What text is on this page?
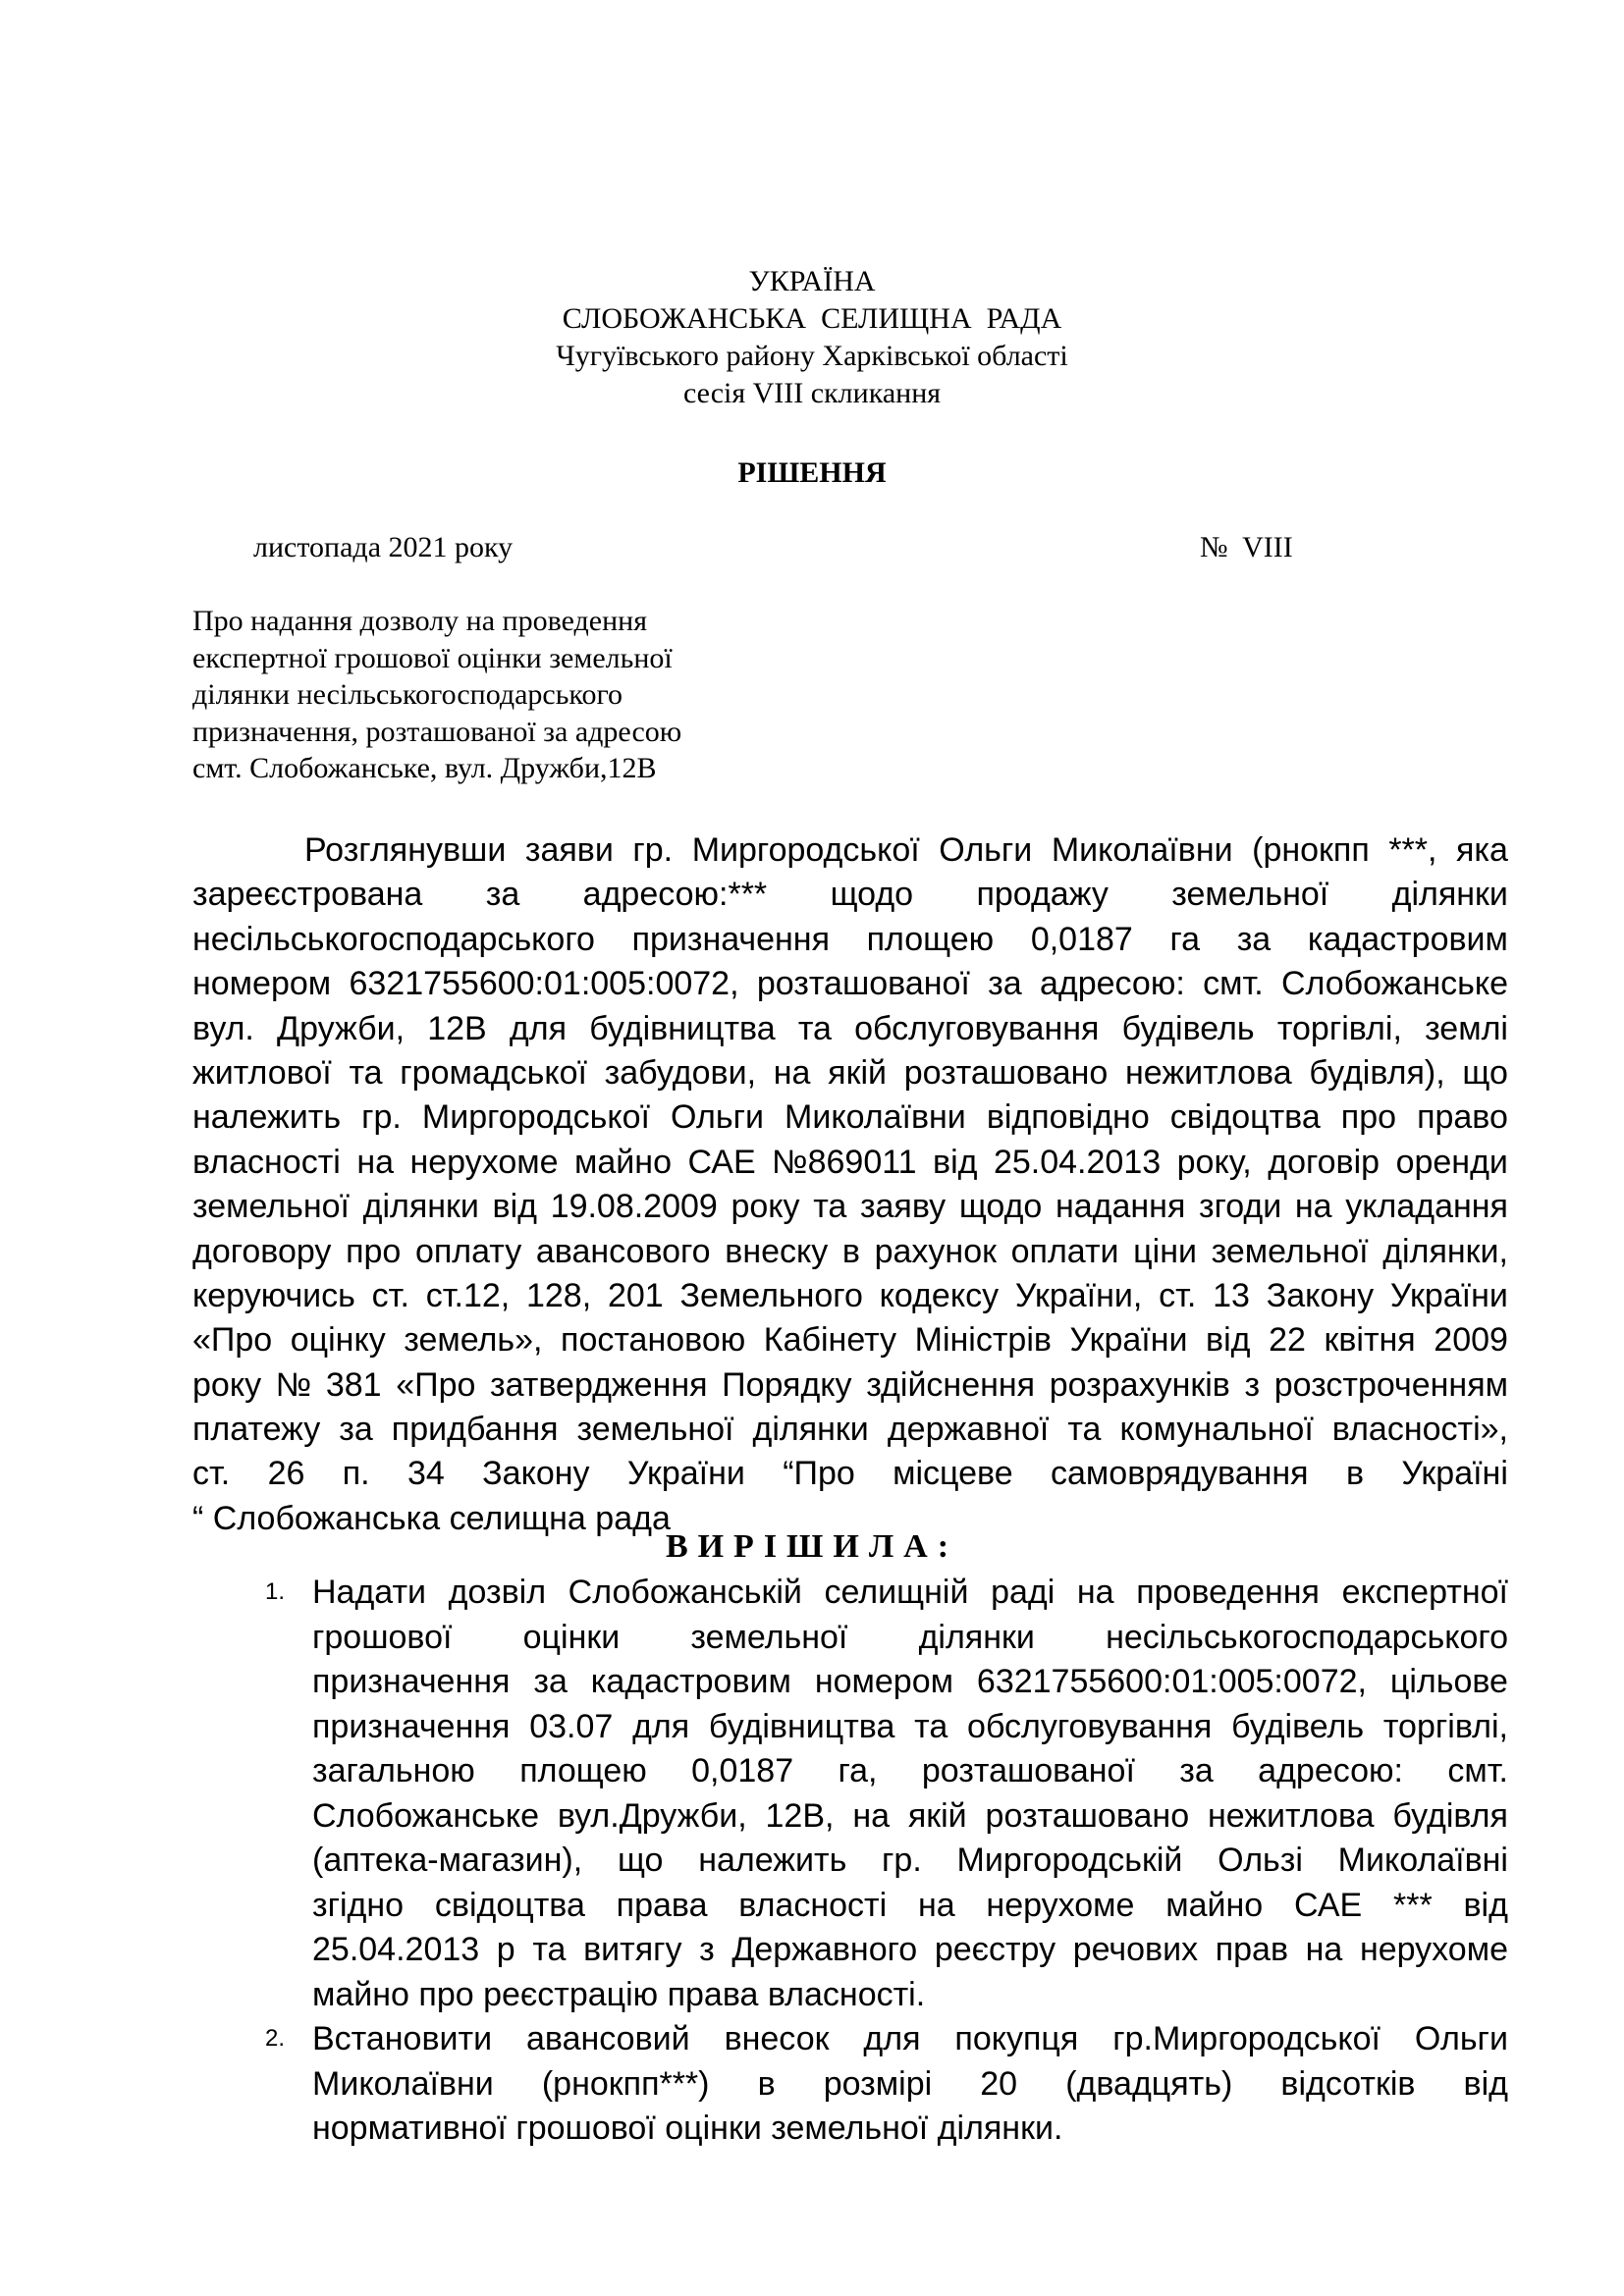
УКРАЇНА
СЛОБОЖАНСЬКА  СЕЛИЩНА  РАДА
Чугуївського району Харківської області
сесія VIII скликання
РІШЕННЯ
листопада 2021 року	№  VIII
Про надання дозволу на проведення
експертної грошової оцінки земельної
ділянки несільськогосподарського
призначення, розташованої за адресою
смт. Слобожанське, вул. Дружби,12В
Розглянувши заяви гр. Миргородської Ольги Миколаївни (рнокпп ***, яка
зареєстрована за адресою:*** щодо продажу земельної ділянки
несільськогосподарського призначення площею 0,0187 га за кадастровим
номером 6321755600:01:005:0072, розташованої за адресою: смт. Слобожанське
вул. Дружби, 12В для будівництва та обслуговування будівель торгівлі, землі
житлової та громадської забудови, на якій розташовано нежитлова будівля), що
належить гр. Миргородської Ольги Миколаївни відповідно свідоцтва про право
власності на нерухоме майно САЕ №869011 від 25.04.2013 року, договір оренди
земельної ділянки від 19.08.2009 року та заяву щодо надання згоди на укладання
договору про оплату авансового внеску в рахунок оплати ціни земельної ділянки,
керуючись ст. ст.12, 128, 201 Земельного кодексу України, ст. 13 Закону України
«Про оцінку земель», постановою Кабінету Міністрів України від 22 квітня 2009
року № 381 «Про затвердження Порядку здійснення розрахунків з розстроченням
платежу за придбання земельної ділянки державної та комунальної власності»,
ст. 26 п. 34 Закону України “Про місцеве самоврядування в Україні
“ Слобожанська селищна рада
ВИРІШИЛА:
1. Надати дозвіл Слобожанській селищній раді на проведення експертної
грошової оцінки земельної ділянки несільськогосподарського
призначення за кадастровим номером 6321755600:01:005:0072, цільове
призначення 03.07 для будівництва та обслуговування будівель торгівлі,
загальною площею 0,0187 га, розташованої за адресою: смт.
Слобожанське вул.Дружби, 12В, на якій розташовано нежитлова будівля
(аптека-магазин), що належить гр. Миргородській Ользі Миколаївні
згідно свідоцтва права власності на нерухоме майно САЕ *** від
25.04.2013 р та витягу з Державного реєстру речових прав на нерухоме
майно про реєстрацію права власності.
2. Встановити авансовий внесок для покупця гр.Миргородської Ольги
Миколаївни (рнокпп***) в розмірі 20 (двадцять) відсотків від
нормативної грошової оцінки земельної ділянки.
